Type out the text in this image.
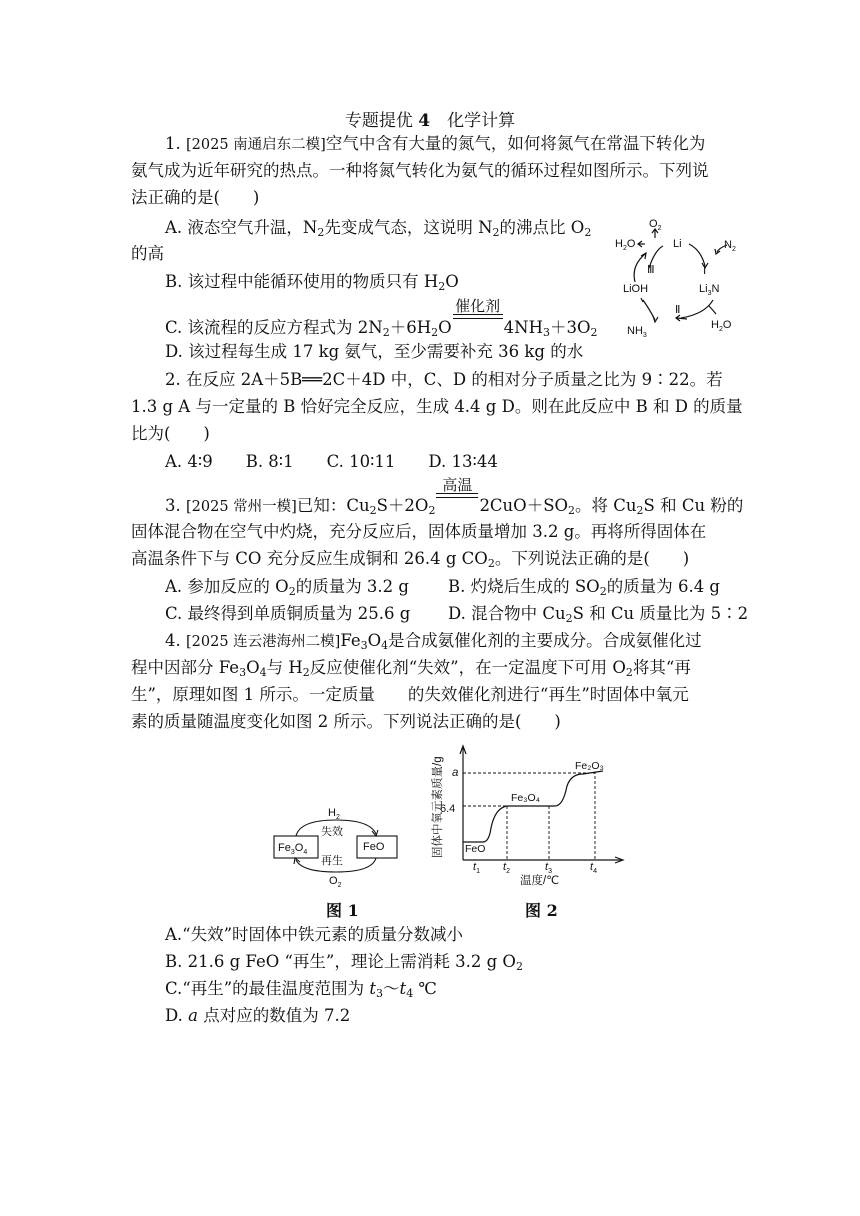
专题提优 4　化学计算
1. [2025 南通启东二模]空气中含有大量的氮气，如何将氮气在常温下转化为
氨气成为近年研究的热点。一种将氮气转化为氨气的循环过程如图所示。下列说
法正确的是(　　)
A. 液态空气升温，$N_2$先变成气态，这说明 $N_2$的沸点比 $O_2$
的高
B. 该过程中能循环使用的物质只有 $H_2O$
C. 该流程的反应方程式为 $2N_2+6H_2O$
催化剂
$4NH_3+3O_2$
D. 该过程每生成 17 kg 氨气，至少需要补充 36 kg 的水
$O_2$
Li	$N_2$
$H_2O$
Ⅲ	Ⅰ
LiOH	$Li_3N$
Ⅱ
$NH_3$
$H_2O$
2. 在反应 2A＋5B══2C＋4D 中，C、D 的相对分子质量之比为 9∶22。若
1.3 g A 与一定量的 B 恰好完全反应，生成 4.4 g D。则在此反应中 B 和 D 的质量
比为(　　)
A. 4∶9　　B. 8∶1　　C. 10∶11　　D. 13∶44
3. [2025 常州一模]已知：$Cu_2S+2O_2$
高温
$2CuO+SO_2$。将 $Cu_2S$ 和 Cu 粉的
固体混合物在空气中灼烧，充分反应后，固体质量增加 3.2 g。再将所得固体在
高温条件下与 CO 充分反应生成铜和 26.4 g $CO_2$。下列说法正确的是(　　)
A. 参加反应的 $O_2$的质量为 3.2 g B. 灼烧后生成的 $SO_2$的质量为 6.4 g
C. 最终得到单质铜质量为 25.6 g D. 混合物中 $Cu_2S$ 和 Cu 质量比为 5∶2
4. [2025 连云港海州二模]$Fe_3O_4$是合成氨催化剂的主要成分。合成氨催化过
程中因部分 $Fe_3O_4$与 $H_2$反应使催化剂“失效”，在一定温度下可用 $O_2$将其“再
生”，原理如图 1 所示。一定质量　　的失效催化剂进行“再生”时固体中氧元
素的质量随温度变化如图 2 所示。下列说法正确的是(　　)
$H_2$
失效
再生
$O_2$
$Fe_3O_4$	FeO	固体中氧元素质量/g
温度/℃
a
6.4
FeO
Fe₃O₄
Fe₂O₃
$t_1$ $t_2$	$t_3$	$t_4$
图 1	图 2
A.“失效”时固体中铁元素的质量分数减小
B. 21.6 g FeO “再生”，理论上需消耗 3.2 g $O_2$
C.“再生”的最佳温度范围为 $t_3\sim t_4$ ℃
D. a 点对应的数值为 7.2
